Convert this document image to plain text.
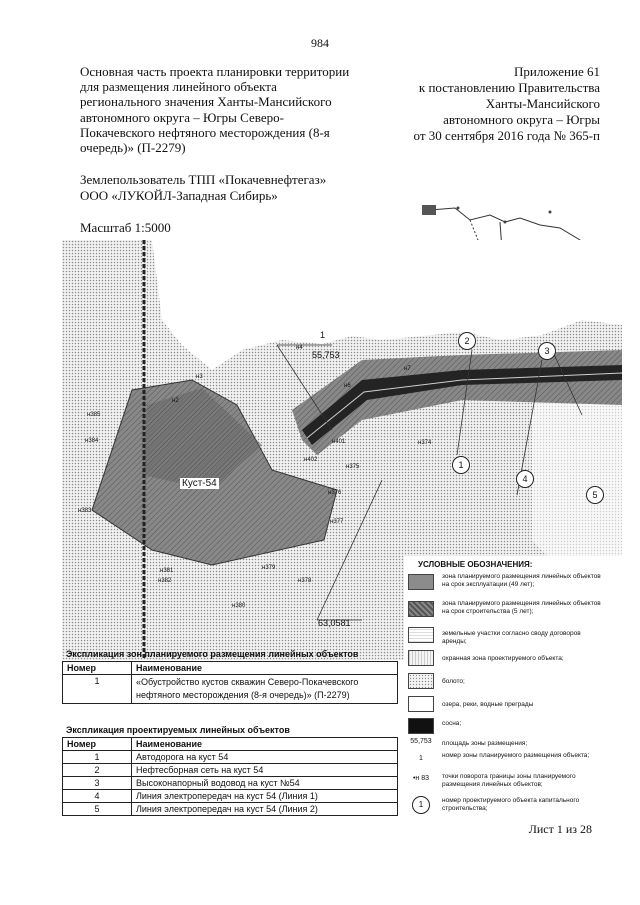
984
Основная часть проекта планировки территории
для размещения линейного объекта
регионального значения Ханты-Мансийского
автономного округа – Югры Северо-
Покачевского нефтяного месторождения (8-я
очередь)» (П-2279)
Приложение 61
к постановлению Правительства
Ханты-Мансийского
автономного округа – Югры
от 30 сентября 2016 года № 365-п
Землепользователь ТПП «Покачевнефтегаз»
ООО «ЛУКОЙЛ-Западная Сибирь»
Масштаб 1:5000
1
55,753
63,0581
Куст-54
н385
н384
н383
н381
н382
н380
н379
н378
н377
н376
н375
н374
н402
н401
н2
н3
н4
н6
н7
2
3
1
4
5
УСЛОВНЫЕ ОБОЗНАЧЕНИЯ:
зона планируемого размещения линейных объектов на срок эксплуатации (49 лет);
зона планируемого размещения линейных объектов на срок строительства (5 лет);
земельные участки согласно своду договоров аренды;
охранная зона проектируемого объекта;
болото;
озера, реки, водные преграды
сосна;
55,753	площадь зоны размещения;
1	номер зоны планируемого размещения объекта;
•н 83	точки поворота границы зоны планируемого размещения линейных объектов;
1	номер проектируемого объекта капитального строительства;
Экспликация зон планируемого размещения линейных объектов
Номер	Наименование
1	«Обустройство кустов скважин Северо-Покачевского нефтяного месторождения (8-я очередь)» (П-2279)
Экспликация проектируемых линейных объектов
Номер	Наименование
1	Автодорога на куст 54
2	Нефтесборная сеть на куст 54
3	Высоконапорный водовод на куст №54
4	Линия электропередач на куст 54 (Линия 1)
5	Линия электропередач на куст 54 (Линия 2)
Лист 1 из 28
